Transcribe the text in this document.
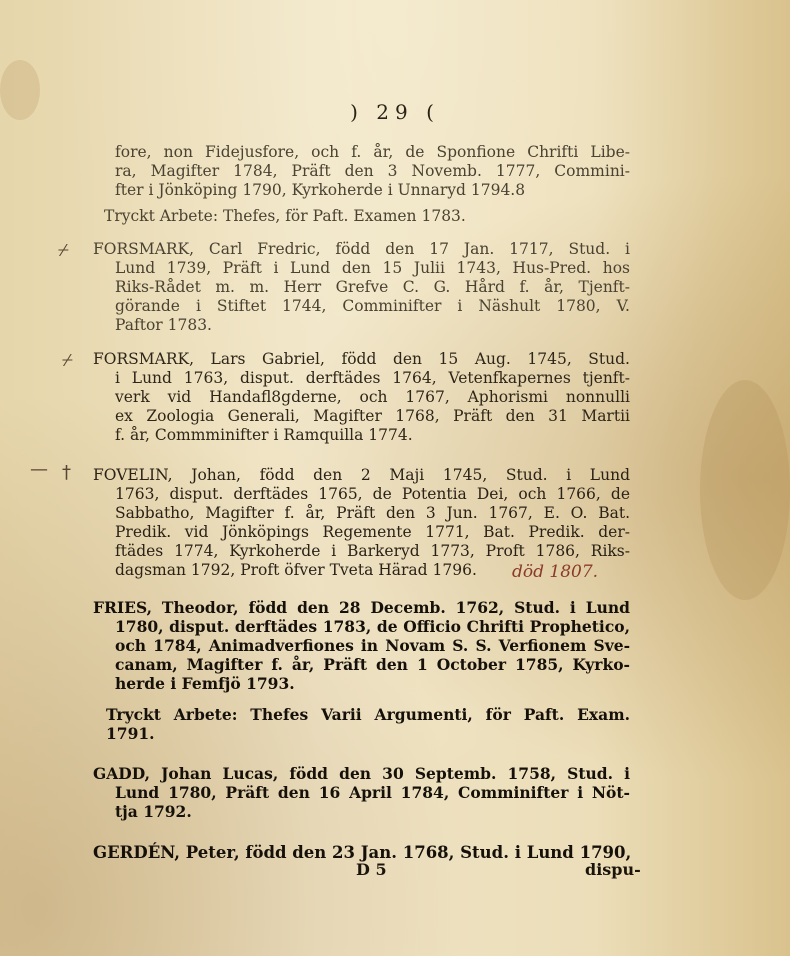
) 29 (
fore, non Fidejusfore, och f. år, de Sponfione Chrifti Libe-
ra, Magifter 1784, Präft den 3 Novemb. 1777, Commini-
fter i Jönköping 1790, Kyrkoherde i Unnaryd 1794.8
Tryckt Arbete: Thefes, för Paft. Examen 1783.
⌿ FORSMARK, Carl Fredric, född den 17 Jan. 1717, Stud. i
Lund 1739, Präft i Lund den 15 Julii 1743, Hus-Pred. hos
Riks-Rådet m. m. Herr Grefve C. G. Hård f. år, Tjenft-
görande i Stiftet 1744, Comminifter i Näshult 1780, V.
Paftor 1783.
⌿ FORSMARK, Lars Gabriel, född den 15 Aug. 1745, Stud.
i Lund 1763, disput. derftädes 1764, Vetenfkapernes tjenft-
verk vid Handafl8gderne, och 1767, Aphorismi nonnulli
ex Zoologia Generali, Magifter 1768, Präft den 31 Martii
f. år, Commminifter i Ramquilla 1774.
— † FOVELIN, Johan, född den 2 Maji 1745, Stud. i Lund
1763, disput. derftädes 1765, de Potentia Dei, och 1766, de
Sabbatho, Magifter f. år, Präft den 3 Jun. 1767, E. O. Bat.
Predik. vid Jönköpings Regemente 1771, Bat. Predik. der-
ftädes 1774, Kyrkoherde i Barkeryd 1773, Proft 1786, Riks-
dagsman 1792, Proft öfver Tveta Härad 1796.	död 1807.
FRIES, Theodor, född den 28 Decemb. 1762, Stud. i Lund
1780, disput. derftädes 1783, de Officio Chrifti Prophetico,
och 1784, Animadverfiones in Novam S. S. Verfionem Sve-
canam, Magifter f. år, Präft den 1 October 1785, Kyrko-
herde i Femfjö 1793.
Tryckt Arbete: Thefes Varii Argumenti, för Paft. Exam.
1791.
GADD, Johan Lucas, född den 30 Septemb. 1758, Stud. i
Lund 1780, Präft den 16 April 1784, Comminifter i Nöt-
tja 1792.
GERDÉN, Peter, född den 23 Jan. 1768, Stud. i Lund 1790,
D 5	dispu-
